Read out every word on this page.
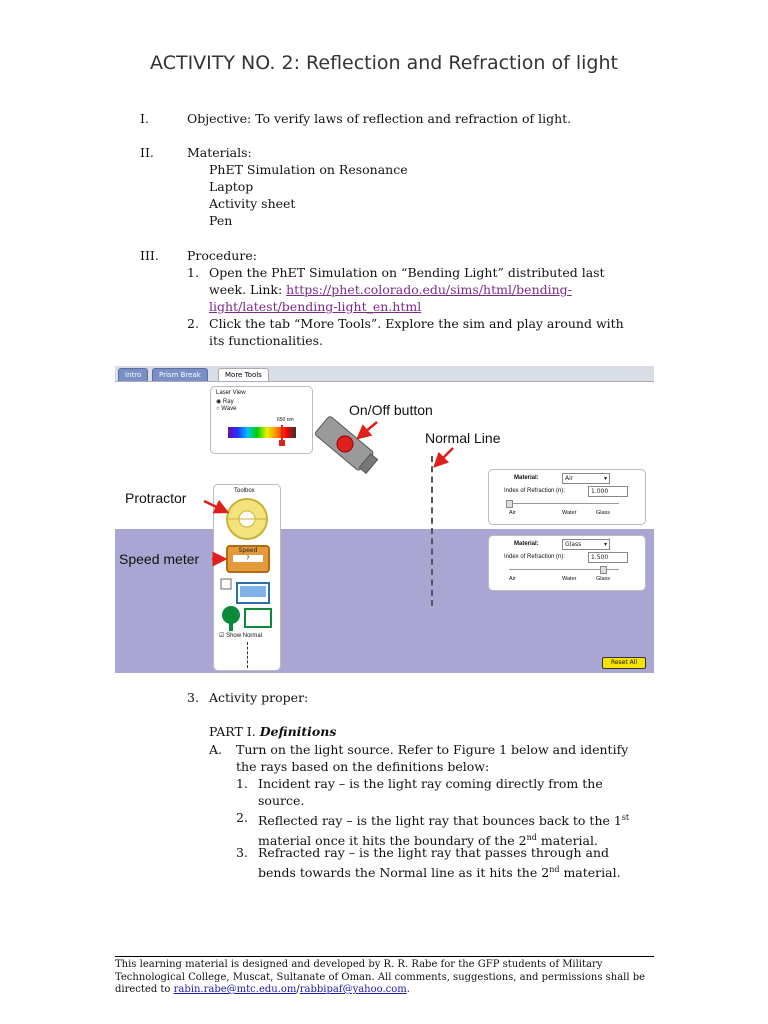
ACTIVITY NO. 2: Reflection and Refraction of light
I.	Objective: To verify laws of reflection and refraction of light.
II.	Materials:
PhET Simulation on Resonance
Laptop
Activity sheet
Pen
III. Procedure:
1. Open the PhET Simulation on “Bending Light” distributed last week. Link: https://phet.colorado.edu/sims/html/bending-light/latest/bending-light_en.html
2. Click the tab “More Tools”. Explore the sim and play around with its functionalities.
Intro	Prism Break	More Tools
Laser View
◉ Ray
○ Wave
650 nm
Material:	Air	▾
Index of Refraction (n):	1.000
Air	Water	Glass
Material:	Glass	▾
Index of Refraction (n):	1.500
Air	Water	Glass
Toolbox
Speed
?
☑ Show Normal
Reset All
On/Off button
Normal Line
Protractor
Speed meter
3. Activity proper:
PART I. Definitions
A. Turn on the light source. Refer to Figure 1 below and identify the rays based on the definitions below:
1. Incident ray – is the light ray coming directly from the source.
2. Reflected ray – is the light ray that bounces back to the 1st material once it hits the boundary of the 2nd material.
3. Refracted ray – is the light ray that passes through and bends towards the Normal line as it hits the 2nd material.
This learning material is designed and developed by R. R. Rabe for the GFP students of Military Technological College, Muscat, Sultanate of Oman. All comments, suggestions, and permissions shall be directed to rabin.rabe@mtc.edu.om/rabbipaf@yahoo.com.
